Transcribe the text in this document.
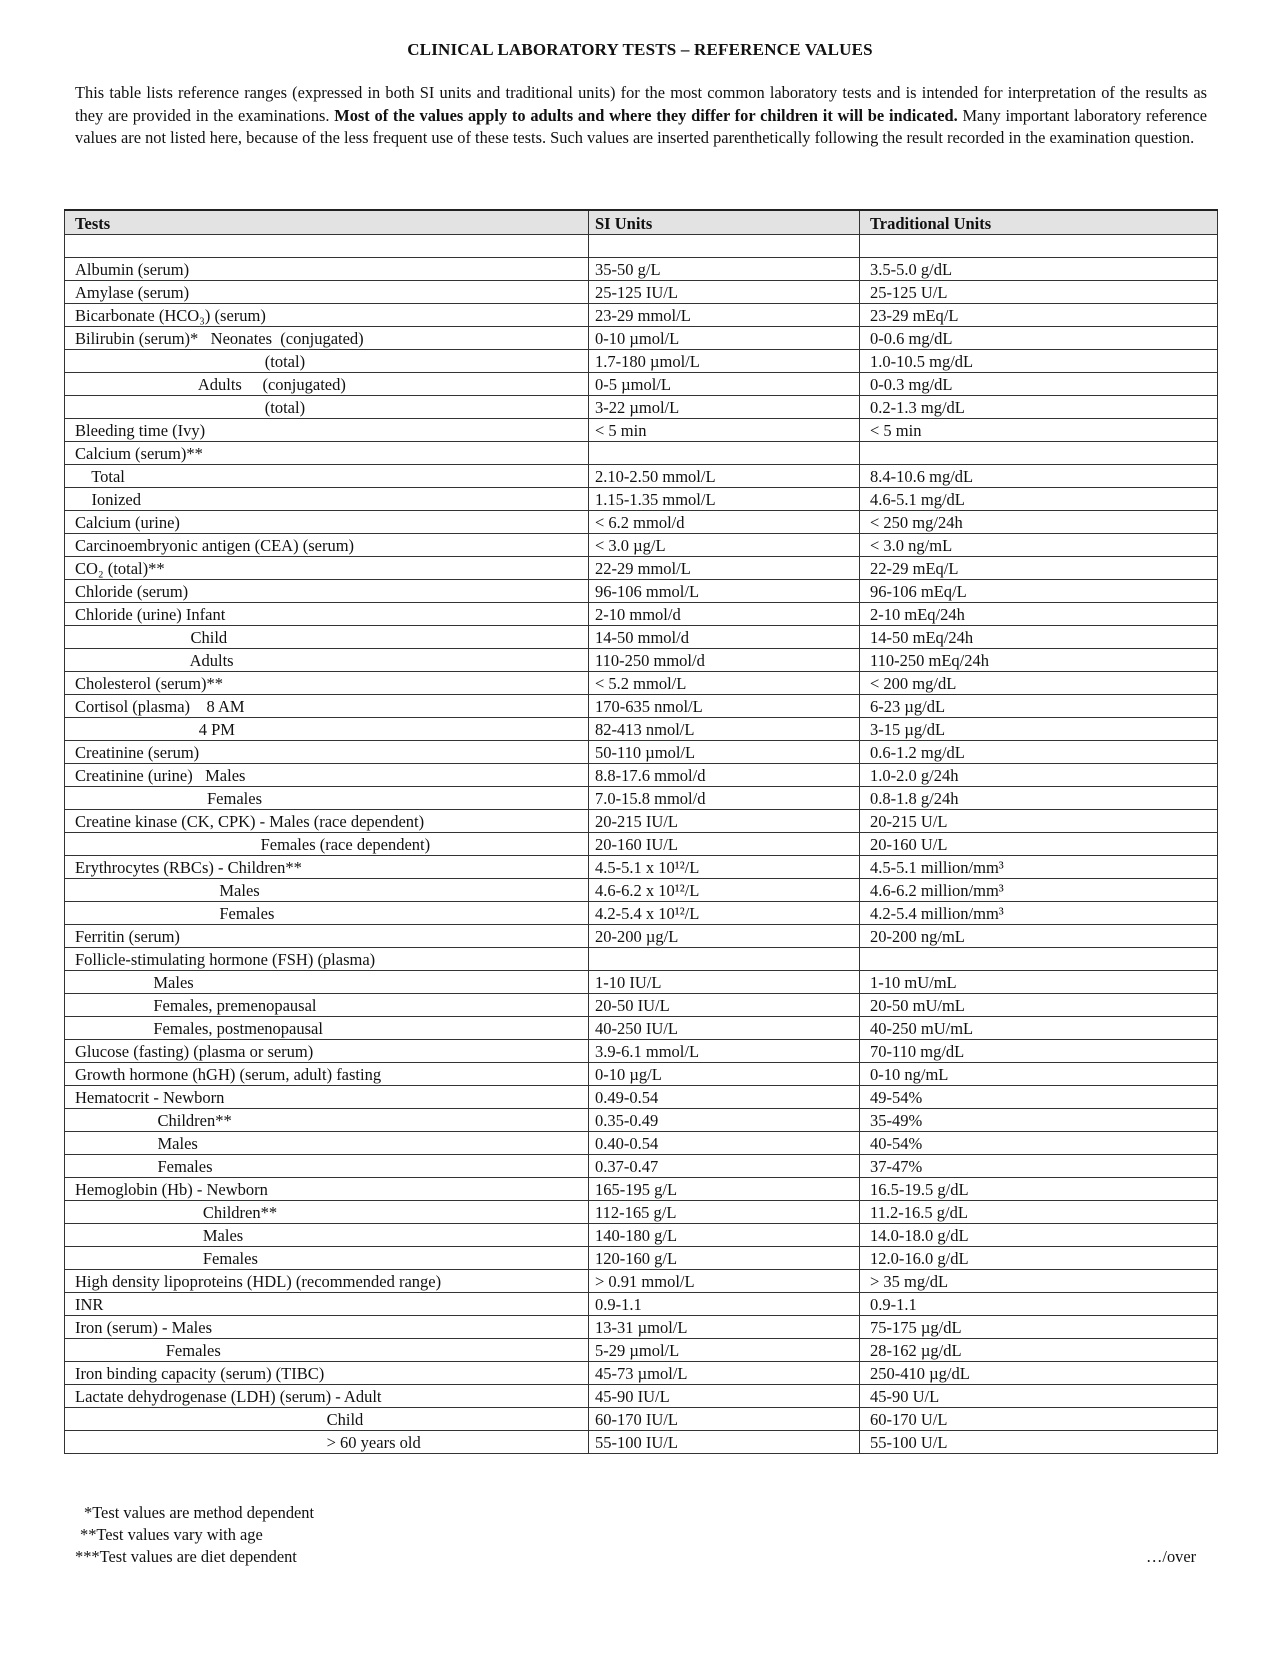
CLINICAL LABORATORY TESTS – REFERENCE VALUES
This table lists reference ranges (expressed in both SI units and traditional units) for the most common laboratory tests and is intended for interpretation of the results as they are provided in the examinations. Most of the values apply to adults and where they differ for children it will be indicated. Many important laboratory reference values are not listed here, because of the less frequent use of these tests. Such values are inserted parenthetically following the result recorded in the examination question.
Tests	SI Units	Traditional Units

Albumin (serum)	35-50 g/L	3.5-5.0 g/dL
Amylase (serum)	25-125 IU/L	25-125 U/L
Bicarbonate (HCO₃) (serum)	23-29 mmol/L	23-29 mEq/L
Bilirubin (serum)*   Neonates  (conjugated)	0-10 µmol/L	0-0.6 mg/dL
(total)	1.7-180 µmol/L	1.0-10.5 mg/dL
Adults     (conjugated)	0-5 µmol/L	0-0.3 mg/dL
(total)	3-22 µmol/L	0.2-1.3 mg/dL
Bleeding time (Ivy)	< 5 min	< 5 min
Calcium (serum)**		
Total	2.10-2.50 mmol/L	8.4-10.6 mg/dL
Ionized	1.15-1.35 mmol/L	4.6-5.1 mg/dL
Calcium (urine)	< 6.2 mmol/d	< 250 mg/24h
Carcinoembryonic antigen (CEA) (serum)	< 3.0 µg/L	< 3.0 ng/mL
CO₂ (total)**	22-29 mmol/L	22-29 mEq/L
Chloride (serum)	96-106 mmol/L	96-106 mEq/L
Chloride (urine) Infant	2-10 mmol/d	2-10 mEq/24h
Child	14-50 mmol/d	14-50 mEq/24h
Adults	110-250 mmol/d	110-250 mEq/24h
Cholesterol (serum)**	< 5.2 mmol/L	< 200 mg/dL
Cortisol (plasma)    8 AM	170-635 nmol/L	6-23 µg/dL
4 PM	82-413 nmol/L	3-15 µg/dL
Creatinine (serum)	50-110 µmol/L	0.6-1.2 mg/dL
Creatinine (urine)   Males	8.8-17.6 mmol/d	1.0-2.0 g/24h
Females	7.0-15.8 mmol/d	0.8-1.8 g/24h
Creatine kinase (CK, CPK) - Males (race dependent)	20-215 IU/L	20-215 U/L
Females (race dependent)	20-160 IU/L	20-160 U/L
Erythrocytes (RBCs) - Children**	4.5-5.1 x 10¹²/L	4.5-5.1 million/mm³
Males	4.6-6.2 x 10¹²/L	4.6-6.2 million/mm³
Females	4.2-5.4 x 10¹²/L	4.2-5.4 million/mm³
Ferritin (serum)	20-200 µg/L	20-200 ng/mL
Follicle-stimulating hormone (FSH) (plasma)		
Males	1-10 IU/L	1-10 mU/mL
Females, premenopausal	20-50 IU/L	20-50 mU/mL
Females, postmenopausal	40-250 IU/L	40-250 mU/mL
Glucose (fasting) (plasma or serum)	3.9-6.1 mmol/L	70-110 mg/dL
Growth hormone (hGH) (serum, adult) fasting	0-10 µg/L	0-10 ng/mL
Hematocrit - Newborn	0.49-0.54	49-54%
Children**	0.35-0.49	35-49%
Males	0.40-0.54	40-54%
Females	0.37-0.47	37-47%
Hemoglobin (Hb) - Newborn	165-195 g/L	16.5-19.5 g/dL
Children**	112-165 g/L	11.2-16.5 g/dL
Males	140-180 g/L	14.0-18.0 g/dL
Females	120-160 g/L	12.0-16.0 g/dL
High density lipoproteins (HDL) (recommended range)	> 0.91 mmol/L	> 35 mg/dL
INR	0.9-1.1	0.9-1.1
Iron (serum) - Males	13-31 µmol/L	75-175 µg/dL
Females	5-29 µmol/L	28-162 µg/dL
Iron binding capacity (serum) (TIBC)	45-73 µmol/L	250-410 µg/dL
Lactate dehydrogenase (LDH) (serum) - Adult	45-90 IU/L	45-90 U/L
Child	60-170 IU/L	60-170 U/L
> 60 years old	55-100 IU/L	55-100 U/L
*Test values are method dependent
**Test values vary with age
***Test values are diet dependent	…/over
